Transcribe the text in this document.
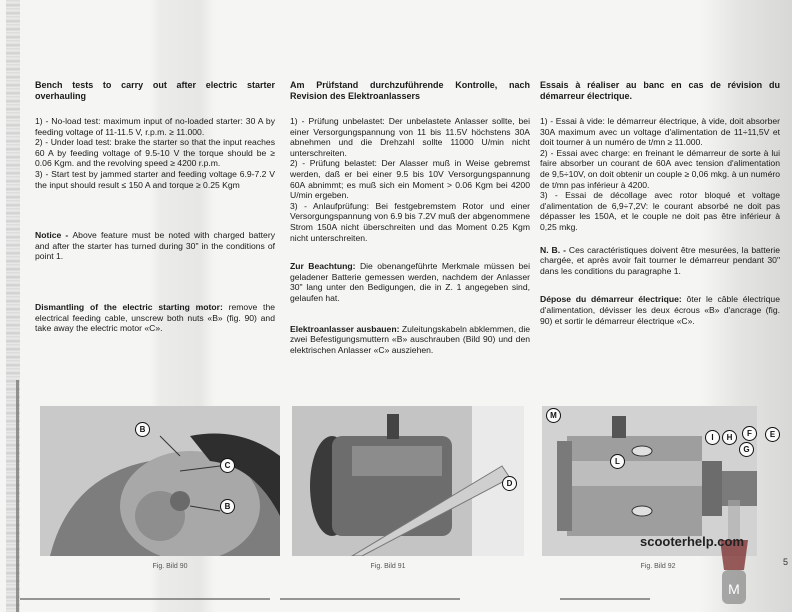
Bench tests to carry out after electric starter overhauling

1) - No-load test: maximum input of no-loaded starter: 30 A by feeding voltage of 11-11.5 V, r.p.m. ≥ 11.000.

2) - Under load test: brake the starter so that the input reaches 60 A by feeding voltage of 9.5-10 V the torque should be ≥ 0.06 Kgm. and the revolving speed ≥ 4200 r.p.m.

3) - Start test by jammed starter and feeding voltage 6.9-7.2 V the input should result ≤ 150 A and torque ≥ 0.25 Kgm

Notice - Above feature must be noted with charged battery and after the starter has turned during 30" in the conditions of point 1.

Dismantling of the electric starting motor: remove the electrical feeding cable, unscrew both nuts «B» (fig. 90) and take away the electric motor «C».

Am Prüfstand durchzuführende Kontrolle, nach Revision des Elektroanlassers

1) - Prüfung unbelastet: Der unbelastete Anlasser sollte, bei einer Versorgungspannung von 11 bis 11.5V höchstens 30A abnehmen und die Drehzahl sollte 11000 U/min nicht unterschreiten.

2) - Prüfung belastet: Der Alasser muß in Weise gebremst werden, daß er bei einer 9.5 bis 10V Versorgungspannung 60A abnimmt; es muß sich ein Moment > 0.06 Kgm bei 4200 U/min ergeben.

3) - Anlaufprüfung: Bei festgebremstem Rotor und einer Versorgungspannung von 6.9 bis 7.2V muß der abgenommene Strom 150A nicht überschreiten und das Moment 0.25 Kgm nicht unterschreiten.

Zur Beachtung: Die obenangeführte Merkmale müssen bei geladener Batterie gemessen werden, nachdem der Anlasser 30" lang unter den Bedigungen, die in Z. 1 angegeben sind, gelaufen hat.

Elektroanlasser ausbauen: Zuleitungskabeln abklemmen, die zwei Befestigungsmuttern «B» auschrauben (Bild 90) und den elektrischen Anlasser «C» ausziehen.

Essais à réaliser au banc en cas de révision du démarreur électrique.

1) - Essai à vide: le démarreur électrique, à vide, doit absorber 30A maximum avec un voltage d'alimentation de 11÷11,5V et doit tourner à un numéro de t/mn ≥ 11.000.

2) - Essai avec charge: en freinant le démarreur de sorte à lui faire absorber un courant de 60A avec tension d'alimentation de 9,5÷10V, on doit obtenir un couple ≥ 0,06 mkg. à un numéro de t/mn pas inférieur à 4200.

3) - Essai de décollage avec rotor bloqué et voltage d'alimentation de 6,9÷7,2V: le courant absorbé ne doit pas dépasser les 150A, et le couple ne doit pas être inférieur à 0,25 mkg.

N. B. - Ces caractéristiques doivent être mesurées, la batterie chargée, et après avoir fait tourner le démarreur pendant 30" dans les conditions du paragraphe 1.

Dépose du démarreur électrique: ôter le câble électrique d'alimentation, dévisser les deux écrous «B» d'ancrage (fig. 90) et sortir le démarreur électrique «C».

B
C
B
Fig. Bild 90
D
Fig. Bild 91
M
L
I	H
G
F	E
Fig. Bild 92
M
scooterhelp.com
5
